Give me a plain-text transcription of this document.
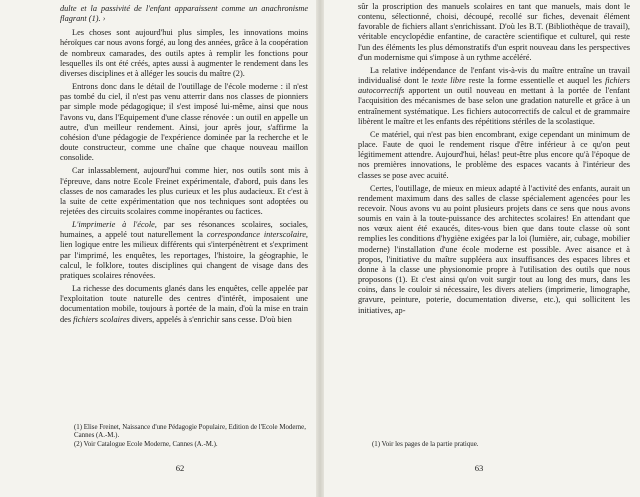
dulte et la passivité de l'enfant apparaissent comme un anachronisme flagrant (1). ›

Les choses sont aujourd'hui plus simples, les innovations moins héroïques car nous avons forgé, au long des années, grâce à la coopération de nombreux camarades, des outils aptes à remplir les fonctions pour lesquelles ils ont été créés, aptes aussi à augmenter le rendement dans les diverses disciplines et à alléger les soucis du maître (2).

Entrons donc dans le détail de l'outillage de l'école moderne : il n'est pas tombé du ciel, il n'est pas venu atterrir dans nos classes de pionniers par simple mode pédagogique; il s'est imposé lui-même, ainsi que nous l'avons vu, dans l'Equipement d'une classe rénovée : un outil en appelle un autre, d'un meilleur rendement. Ainsi, jour après jour, s'affirme la cohésion d'une pédagogie de l'expérience dominée par la recherche et le doute constructeur, comme une chaîne que chaque nouveau maillon consolide.

Car inlassablement, aujourd'hui comme hier, nos outils sont mis à l'épreuve, dans notre Ecole Freinet expérimentale, d'abord, puis dans les classes de nos camarades les plus curieux et les plus audacieux. Et c'est à la suite de cette expérimentation que nos techniques sont adoptées ou rejetées des circuits scolaires comme inopérantes ou factices.

L'imprimerie à l'école, par ses résonances scolaires, sociales, humaines, a appelé tout naturellement la correspondance interscolaire, lien logique entre les milieux différents qui s'interpénètrent et s'expriment par l'imprimé, les enquêtes, les reportages, l'histoire, la géographie, le calcul, le folklore, toutes disciplines qui changent de visage dans des pratiques scolaires rénovées.

La richesse des documents glanés dans les enquêtes, celle appelée par l'exploitation toute naturelle des centres d'intérêt, imposaient une documentation mobile, toujours à portée de la main, d'où la mise en train des fichiers scolaires divers, appelés à s'enrichir sans cesse. D'où bien

(1) Elise Freinet, Naissance d'une Pédagogie Populaire, Edition de l'Ecole Moderne, Cannes (A.-M.).

(2) Voir Catalogue Ecole Moderne, Cannes (A.-M.).

62

sûr la proscription des manuels scolaires en tant que manuels, mais dont le contenu, sélectionné, choisi, découpé, recollé sur fiches, devenait élément favorable de fichiers allant s'enrichissant. D'où les B.T. (Bibliothèque de travail), véritable encyclopédie enfantine, de caractère scientifique et culturel, qui reste l'un des éléments les plus démonstratifs d'un esprit nouveau dans les perspectives d'un modernisme qui s'impose à un rythme accéléré.

La relative indépendance de l'enfant vis-à-vis du maître entraîne un travail individualisé dont le texte libre reste la forme essentielle et auquel les fichiers autocorrectifs apportent un outil nouveau en mettant à la portée de l'enfant l'acquisition des mécanismes de base selon une gradation naturelle et grâce à un entraînement systématique. Les fichiers autocorrectifs de calcul et de grammaire libèrent le maître et les enfants des répétitions stériles de la scolastique.

Ce matériel, qui n'est pas bien encombrant, exige cependant un minimum de place. Faute de quoi le rendement risque d'être inférieur à ce qu'on peut légitimement attendre. Aujourd'hui, hélas! peut-être plus encore qu'à l'époque de nos premières innovations, le problème des espaces vacants à l'intérieur des classes se pose avec acuité.

Certes, l'outillage, de mieux en mieux adapté à l'activité des enfants, aurait un rendement maximum dans des salles de classe spécialement agencées pour les recevoir. Nous avons vu au point plusieurs projets dans ce sens que nous avons soumis en vain à la toute-puissance des architectes scolaires! En attendant que nos vœux aient été exaucés, dites-vous bien que dans toute classe où sont remplies les conditions d'hygiène exigées par la loi (lumière, air, cubage, mobilier moderne) l'installation d'une école moderne est possible. Avec aisance et à propos, l'initiative du maître suppléera aux insuffisances des espaces libres et donne à la classe une physionomie propre à l'utilisation des outils que nous proposons (1). Et c'est ainsi qu'on voit surgir tout au long des murs, dans les coins, dans le couloir si nécessaire, les divers ateliers (imprimerie, limographe, gravure, peinture, poterie, documentation diverse, etc.), qui sollicitent les initiatives, ap-

(1) Voir les pages de la partie pratique.

63
